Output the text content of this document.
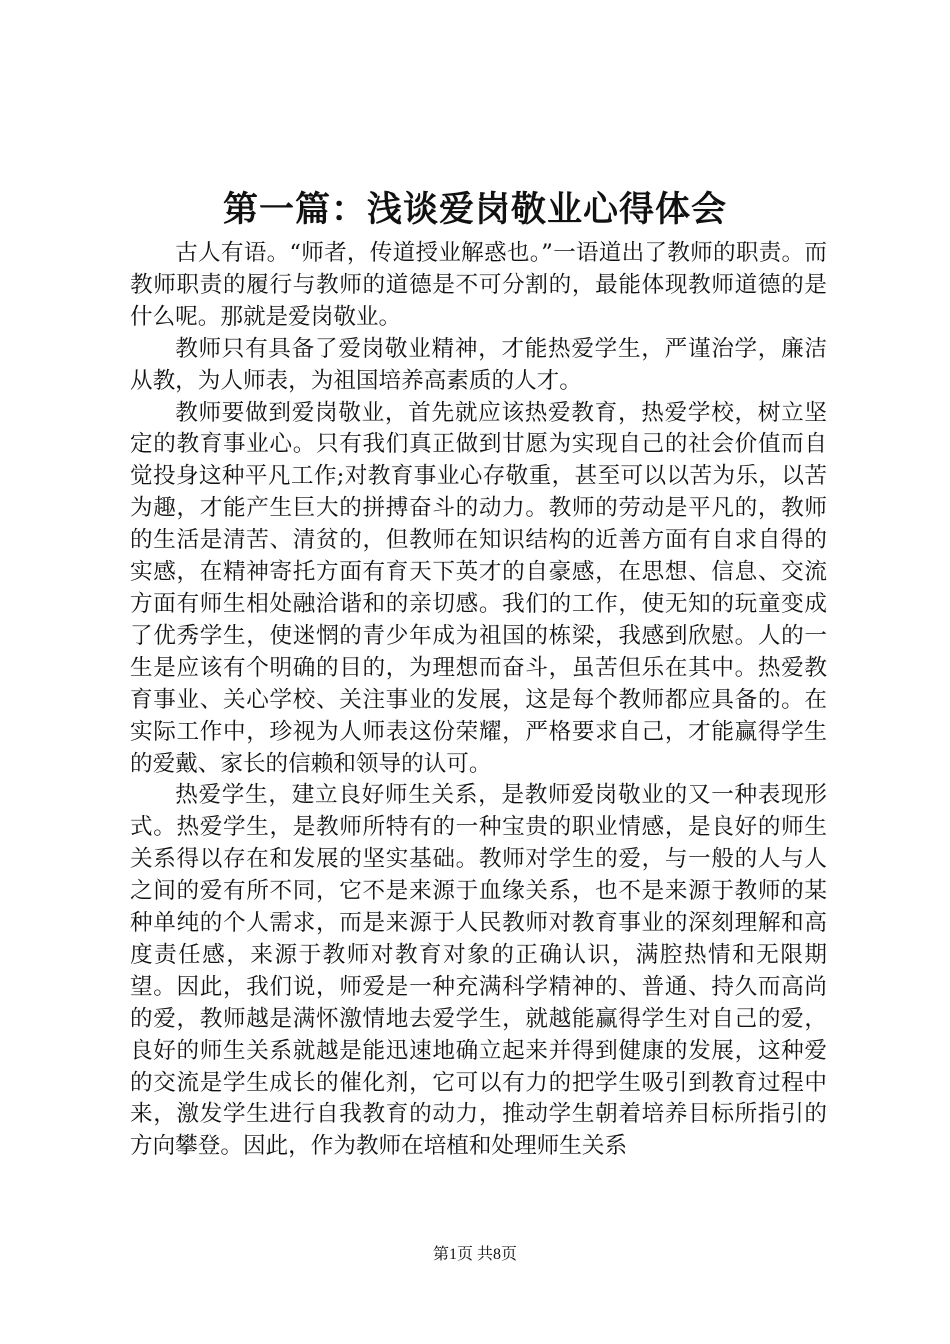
第一篇：浅谈爱岗敬业心得体会

古人有语。“师者，传道授业解惑也。”一语道出了教师的职责。而教师职责的履行与教师的道德是不可分割的，最能体现教师道德的是什么呢。那就是爱岗敬业。

教师只有具备了爱岗敬业精神，才能热爱学生，严谨治学，廉洁从教，为人师表，为祖国培养高素质的人才。

教师要做到爱岗敬业，首先就应该热爱教育，热爱学校，树立坚定的教育事业心。只有我们真正做到甘愿为实现自己的社会价值而自觉投身这种平凡工作;对教育事业心存敬重，甚至可以以苦为乐，以苦为趣，才能产生巨大的拼搏奋斗的动力。教师的劳动是平凡的，教师的生活是清苦、清贫的，但教师在知识结构的近善方面有自求自得的实感，在精神寄托方面有育天下英才的自豪感，在思想、信息、交流方面有师生相处融洽谐和的亲切感。我们的工作，使无知的玩童变成了优秀学生，使迷惘的青少年成为祖国的栋梁，我感到欣慰。人的一生是应该有个明确的目的，为理想而奋斗，虽苦但乐在其中。热爱教育事业、关心学校、关注事业的发展，这是每个教师都应具备的。在实际工作中，珍视为人师表这份荣耀，严格要求自己，才能赢得学生的爱戴、家长的信赖和领导的认可。

热爱学生，建立良好师生关系，是教师爱岗敬业的又一种表现形式。热爱学生，是教师所特有的一种宝贵的职业情感，是良好的师生关系得以存在和发展的坚实基础。教师对学生的爱，与一般的人与人之间的爱有所不同，它不是来源于血缘关系，也不是来源于教师的某种单纯的个人需求，而是来源于人民教师对教育事业的深刻理解和高度责任感，来源于教师对教育对象的正确认识，满腔热情和无限期望。因此，我们说，师爱是一种充满科学精神的、普通、持久而高尚的爱，教师越是满怀激情地去爱学生，就越能赢得学生对自己的爱，良好的师生关系就越是能迅速地确立起来并得到健康的发展，这种爱的交流是学生成长的催化剂，它可以有力的把学生吸引到教育过程中来，激发学生进行自我教育的动力，推动学生朝着培养目标所指引的方向攀登。因此，作为教师在培植和处理师生关系

第1页 共8页
